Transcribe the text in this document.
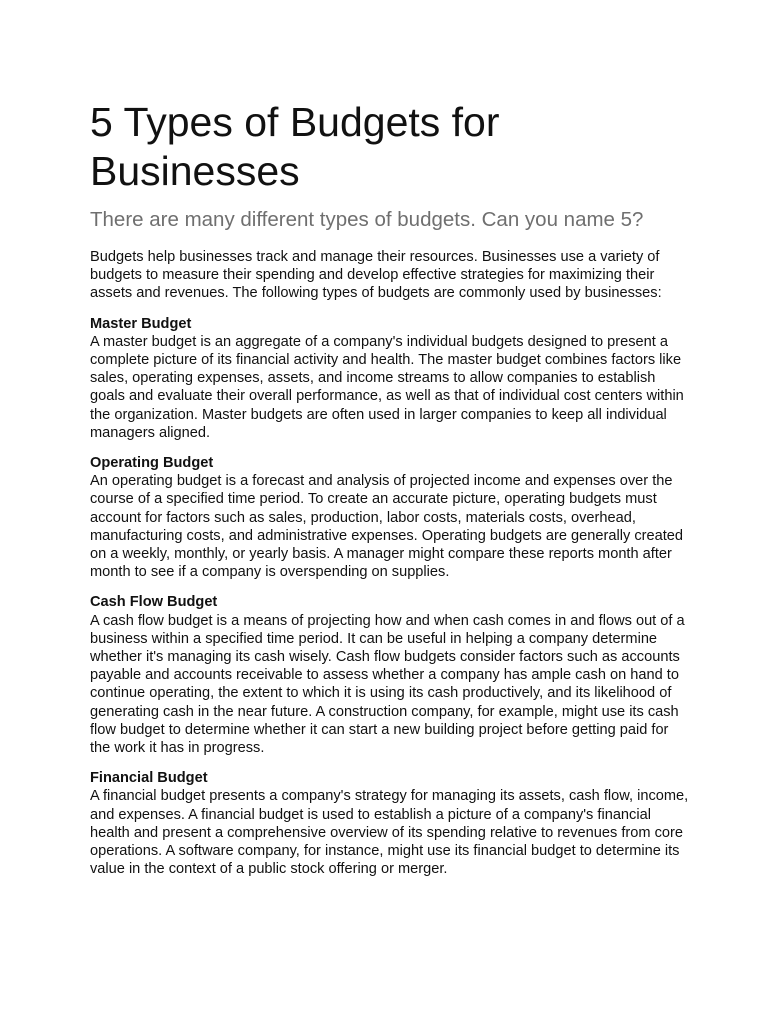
5 Types of Budgets for Businesses

There are many different types of budgets. Can you name 5?

Budgets help businesses track and manage their resources. Businesses use a variety of budgets to measure their spending and develop effective strategies for maximizing their assets and revenues. The following types of budgets are commonly used by businesses:

Master Budget

A master budget is an aggregate of a company's individual budgets designed to present a complete picture of its financial activity and health. The master budget combines factors like sales, operating expenses, assets, and income streams to allow companies to establish goals and evaluate their overall performance, as well as that of individual cost centers within the organization. Master budgets are often used in larger companies to keep all individual managers aligned.

Operating Budget

An operating budget is a forecast and analysis of projected income and expenses over the course of a specified time period. To create an accurate picture, operating budgets must account for factors such as sales, production, labor costs, materials costs, overhead, manufacturing costs, and administrative expenses. Operating budgets are generally created on a weekly, monthly, or yearly basis. A manager might compare these reports month after month to see if a company is overspending on supplies.

Cash Flow Budget

A cash flow budget is a means of projecting how and when cash comes in and flows out of a business within a specified time period. It can be useful in helping a company determine whether it's managing its cash wisely. Cash flow budgets consider factors such as accounts payable and accounts receivable to assess whether a company has ample cash on hand to continue operating, the extent to which it is using its cash productively, and its likelihood of generating cash in the near future. A construction company, for example, might use its cash flow budget to determine whether it can start a new building project before getting paid for the work it has in progress.

Financial Budget

A financial budget presents a company's strategy for managing its assets, cash flow, income, and expenses. A financial budget is used to establish a picture of a company's financial health and present a comprehensive overview of its spending relative to revenues from core operations. A software company, for instance, might use its financial budget to determine its value in the context of a public stock offering or merger.
